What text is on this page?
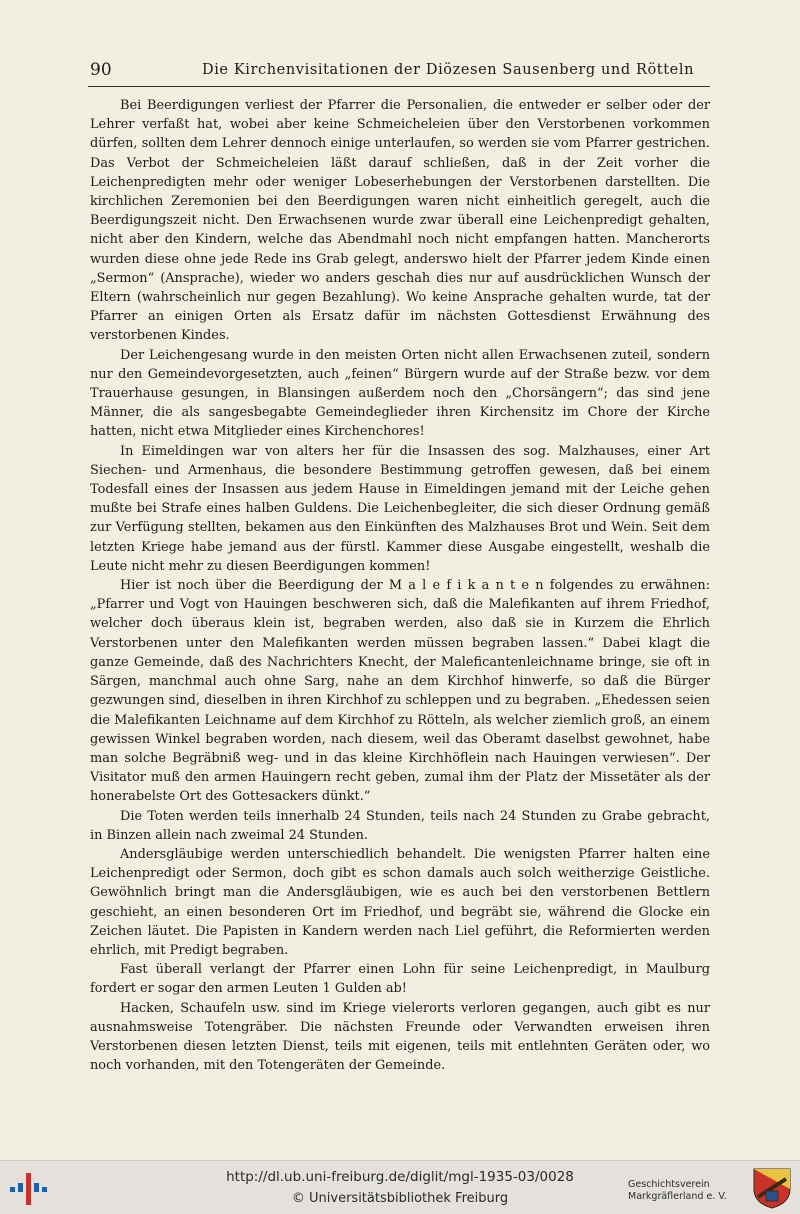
90	Die Kirchenvisitationen der Diözesen Sausenberg und Rötteln

Bei Beerdigungen verliest der Pfarrer die Personalien, die entweder er selber oder der Lehrer verfaßt hat, wobei aber keine Schmeicheleien über den Verstorbenen vorkommen dürfen, sollten dem Lehrer dennoch einige unterlaufen, so werden sie vom Pfarrer gestrichen. Das Verbot der Schmeicheleien läßt darauf schließen, daß in der Zeit vorher die Leichenpredigten mehr oder weniger Lobeserhebungen der Verstorbenen darstellten. Die kirchlichen Zeremonien bei den Beerdigungen waren nicht einheitlich geregelt, auch die Beerdigungszeit nicht. Den Erwachsenen wurde zwar überall eine Leichenpredigt gehalten, nicht aber den Kindern, welche das Abendmahl noch nicht empfangen hatten. Mancherorts wurden diese ohne jede Rede ins Grab gelegt, anderswo hielt der Pfarrer jedem Kinde einen „Sermon“ (Ansprache), wieder wo anders geschah dies nur auf ausdrücklichen Wunsch der Eltern (wahrscheinlich nur gegen Bezahlung). Wo keine Ansprache gehalten wurde, tat der Pfarrer an einigen Orten als Ersatz dafür im nächsten Gottesdienst Erwähnung des verstorbenen Kindes.

Der Leichengesang wurde in den meisten Orten nicht allen Erwachsenen zuteil, sondern nur den Gemeindevorgesetzten, auch „feinen“ Bürgern wurde auf der Straße bezw. vor dem Trauerhause gesungen, in Blansingen außerdem noch den „Chorsängern“; das sind jene Männer, die als sangesbegabte Gemeindeglieder ihren Kirchensitz im Chore der Kirche hatten, nicht etwa Mitglieder eines Kirchenchores!

In Eimeldingen war von alters her für die Insassen des sog. Malzhauses, einer Art Siechen- und Armenhaus, die besondere Bestimmung getroffen gewesen, daß bei einem Todesfall eines der Insassen aus jedem Hause in Eimeldingen jemand mit der Leiche gehen mußte bei Strafe eines halben Guldens. Die Leichenbegleiter, die sich dieser Ordnung gemäß zur Verfügung stellten, bekamen aus den Einkünften des Malzhauses Brot und Wein. Seit dem letzten Kriege habe jemand aus der fürstl. Kammer diese Ausgabe eingestellt, weshalb die Leute nicht mehr zu diesen Beerdigungen kommen!

Hier ist noch über die Beerdigung der M a l e f i k a n t e n folgendes zu erwähnen: „Pfarrer und Vogt von Hauingen beschweren sich, daß die Malefikanten auf ihrem Friedhof, welcher doch überaus klein ist, begraben werden, also daß sie in Kurzem die Ehrlich Verstorbenen unter den Malefikanten werden müssen begraben lassen.“ Dabei klagt die ganze Gemeinde, daß des Nachrichters Knecht, der Maleficantenleichname bringe, sie oft in Särgen, manchmal auch ohne Sarg, nahe an dem Kirchhof hinwerfe, so daß die Bürger gezwungen sind, dieselben in ihren Kirchhof zu schleppen und zu begraben. „Ehedessen seien die Malefikanten Leichname auf dem Kirchhof zu Rötteln, als welcher ziemlich groß, an einem gewissen Winkel begraben worden, nach diesem, weil das Oberamt daselbst gewohnet, habe man solche Begräbniß weg- und in das kleine Kirchhöflein nach Hauingen verwiesen“. Der Visitator muß den armen Hauingern recht geben, zumal ihm der Platz der Missetäter als der honerabelste Ort des Gottesackers dünkt.“

Die Toten werden teils innerhalb 24 Stunden, teils nach 24 Stunden zu Grabe gebracht, in Binzen allein nach zweimal 24 Stunden.

Andersgläubige werden unterschiedlich behandelt. Die wenigsten Pfarrer halten eine Leichenpredigt oder Sermon, doch gibt es schon damals auch solch weitherzige Geistliche. Gewöhnlich bringt man die Andersgläubigen, wie es auch bei den verstorbenen Bettlern geschieht, an einen besonderen Ort im Friedhof, und begräbt sie, während die Glocke ein Zeichen läutet. Die Papisten in Kandern werden nach Liel geführt, die Reformierten werden ehrlich, mit Predigt begraben.

Fast überall verlangt der Pfarrer einen Lohn für seine Leichenpredigt, in Maulburg fordert er sogar den armen Leuten 1 Gulden ab!

Hacken, Schaufeln usw. sind im Kriege vielerorts verloren gegangen, auch gibt es nur ausnahmsweise Totengräber. Die nächsten Freunde oder Verwandten erweisen ihren Verstorbenen diesen letzten Dienst, teils mit eigenen, teils mit entlehnten Geräten oder, wo noch vorhanden, mit den Totengeräten der Gemeinde.

http://dl.ub.uni-freiburg.de/diglit/mgl-1935-03/0028
© Universitätsbibliothek Freiburg
Geschichtsverein
Markgräflerland e. V.
